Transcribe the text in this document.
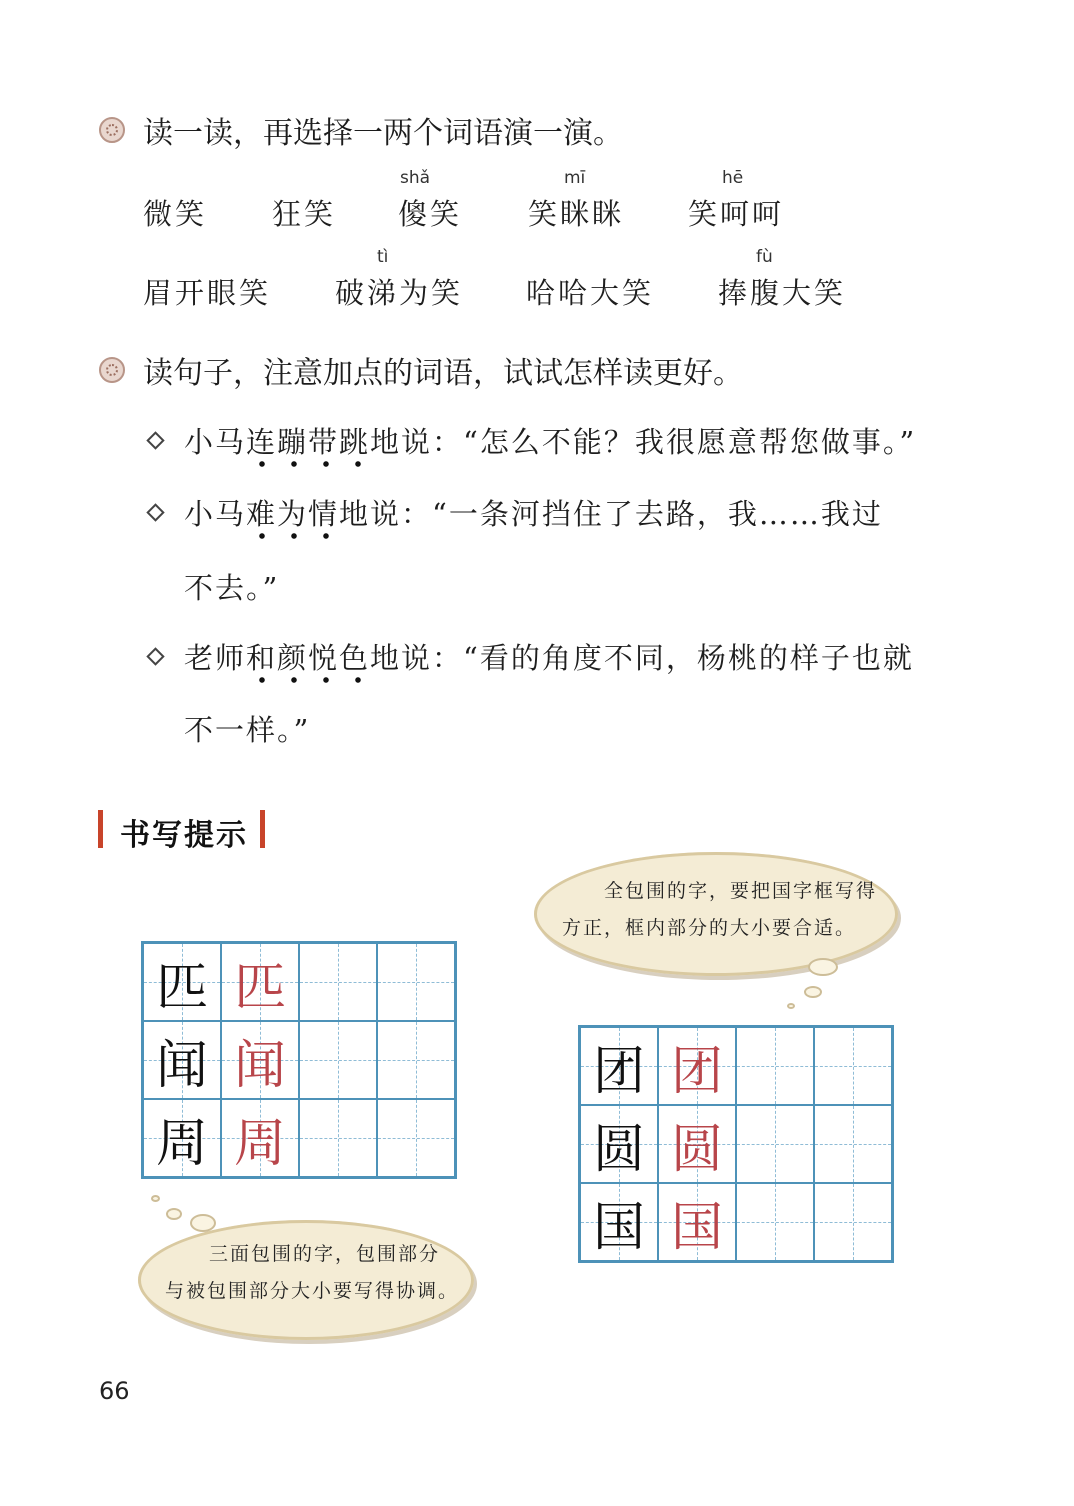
读一读，再选择一两个词语演一演。
微笑 狂笑
shǎ
傻笑
mī
笑眯眯
hē
笑呵呵
眉开眼笑
tì
破涕为笑 哈哈大笑
fù
捧腹大笑
读句子，注意加点的词语，试试怎样读更好。
小马连蹦带跳地说：“怎么不能？我很愿意帮您做事。”
小马难为情地说：“一条河挡住了去路，我……我过
不去。”
老师和颜悦色地说：“看的角度不同，杨桃的样子也就
不一样。”
书写提示
匹 匹
闻 闻
周 周
团 团
圆 圆
国 国
全包围的字，要把国字框写得
方正，框内部分的大小要合适。
三面包围的字，包围部分
与被包围部分大小要写得协调。
66
